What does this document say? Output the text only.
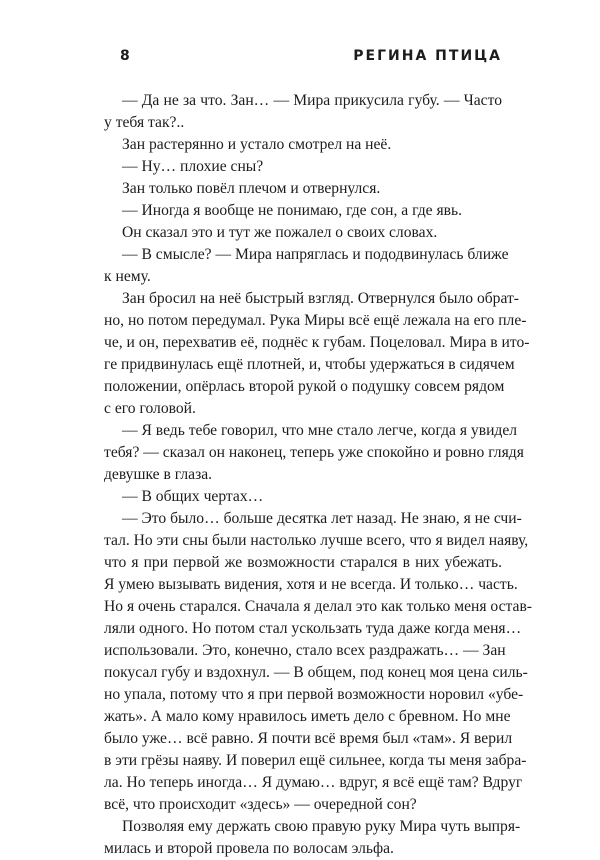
8	РЕГИНА ПТИЦА
— Да не за что. Зан… — Мира прикусила губу. — Часто
у тебя так?..
Зан растерянно и устало смотрел на неё.
— Ну… плохие сны?
Зан только повёл плечом и отвернулся.
— Иногда я вообще не понимаю, где сон, а где явь.
Он сказал это и тут же пожалел о своих словах.
— В смысле? — Мира напряглась и пододвинулась ближе
к нему.
Зан бросил на неё быстрый взгляд. Отвернулся было обрат-
но, но потом передумал. Рука Миры всё ещё лежала на его пле-
че, и он, перехватив её, поднёс к губам. Поцеловал. Мира в ито-
ге придвинулась ещё плотней, и, чтобы удержаться в сидячем
положении, опёрлась второй рукой о подушку совсем рядом
с его головой.
— Я ведь тебе говорил, что мне стало легче, когда я увидел
тебя? — сказал он наконец, теперь уже спокойно и ровно глядя
девушке в глаза.
— В общих чертах…
— Это было… больше десятка лет назад. Не знаю, я не счи-
тал. Но эти сны были настолько лучше всего, что я видел наяву,
что я при первой же возможности старался в них убежать.
Я умею вызывать видения, хотя и не всегда. И только… часть.
Но я очень старался. Сначала я делал это как только меня остав-
ляли одного. Но потом стал ускользать туда даже когда меня…
использовали. Это, конечно, стало всех раздражать… — Зан
покусал губу и вздохнул. — В общем, под конец моя цена силь-
но упала, потому что я при первой возможности норовил «убе-
жать». А мало кому нравилось иметь дело с бревном. Но мне
было уже… всё равно. Я почти всё время был «там». Я верил
в эти грёзы наяву. И поверил ещё сильнее, когда ты меня забра-
ла. Но теперь иногда… Я думаю… вдруг, я всё ещё там? Вдруг
всё, что происходит «здесь» — очередной сон?
Позволяя ему держать свою правую руку Мира чуть выпря-
милась и второй провела по волосам эльфа.
